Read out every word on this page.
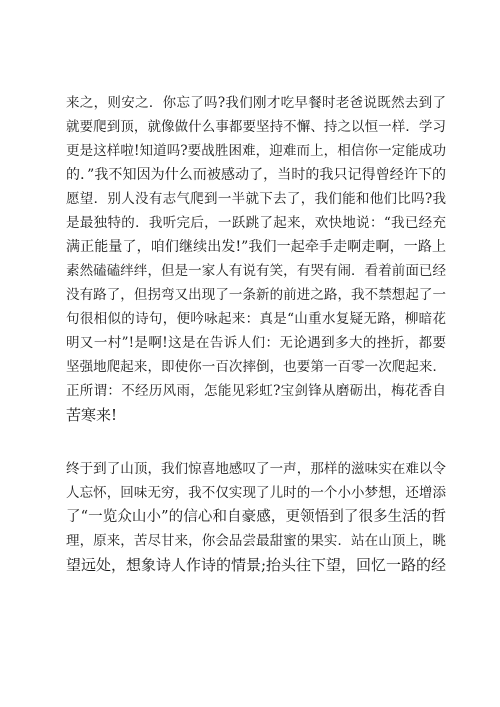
来之，则安之．你忘了吗?我们刚才吃早餐时老爸说既然去到了
就要爬到顶，就像做什么事都要坚持不懈、持之以恒一样．学习
更是这样啦!知道吗?要战胜困难，迎难而上，相信你一定能成功
的．”我不知因为什么而被感动了，当时的我只记得曾经许下的
愿望．别人没有志气爬到一半就下去了，我们能和他们比吗?我
是最独特的．我听完后，一跃跳了起来，欢快地说：“我已经充
满正能量了，咱们继续出发!”我们一起牵手走啊走啊，一路上
素然磕磕绊绊，但是一家人有说有笑，有哭有闹．看着前面已经
没有路了，但拐弯又出现了一条新的前进之路，我不禁想起了一
句很相似的诗句，便吟咏起来：真是“山重水复疑无路，柳暗花
明又一村”!是啊!这是在告诉人们：无论遇到多大的挫折，都要
坚强地爬起来，即使你一百次摔倒，也要第一百零一次爬起来．
正所谓：不经历风雨，怎能见彩虹?宝剑锋从磨砺出，梅花香自
苦寒来!
终于到了山顶，我们惊喜地感叹了一声，那样的滋味实在难以令
人忘怀，回味无穷，我不仅实现了儿时的一个小小梦想，还增添
了“一览众山小”的信心和自豪感，更领悟到了很多生活的哲
理，原来，苦尽甘来，你会品尝最甜蜜的果实．站在山顶上，眺
望远处，想象诗人作诗的情景;抬头往下望，回忆一路的经
